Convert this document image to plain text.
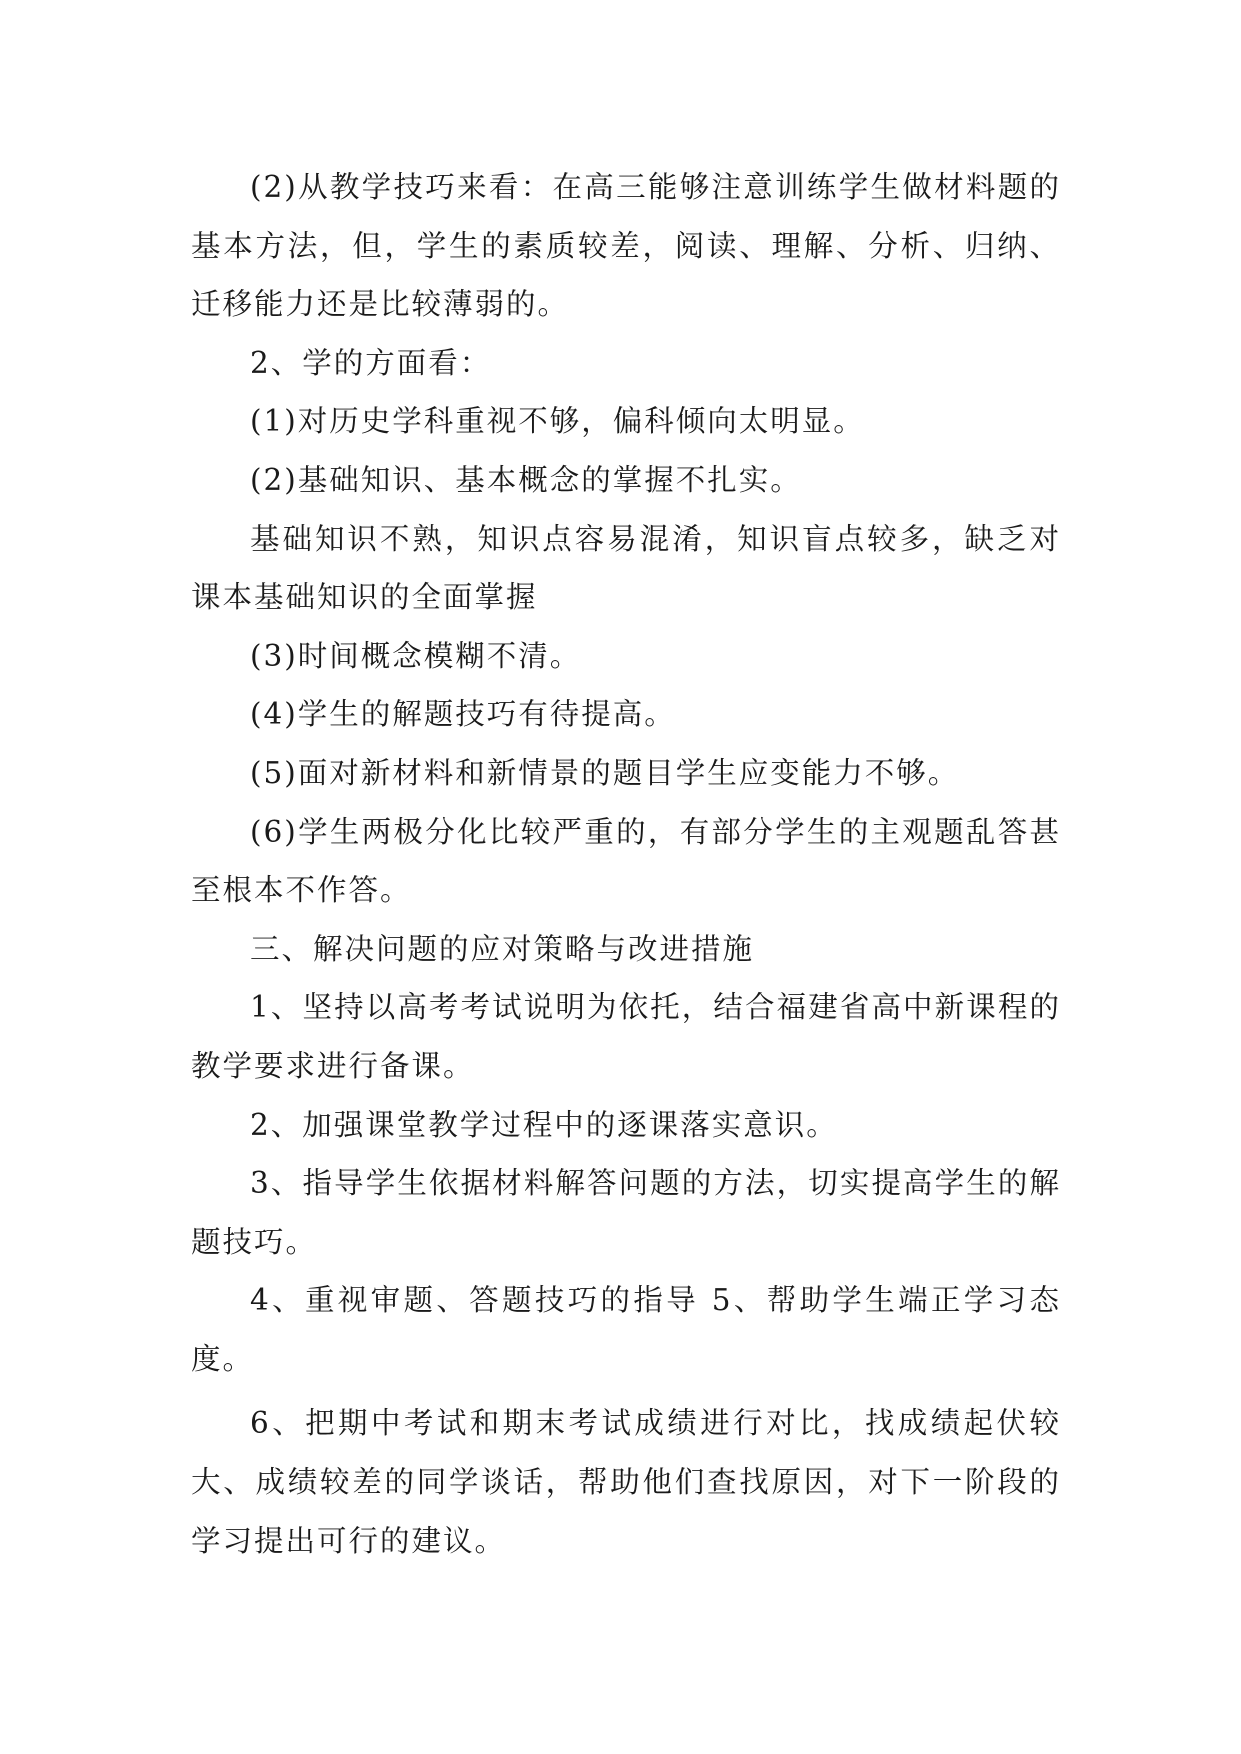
(2)从教学技巧来看：在高三能够注意训练学生做材料题的基本方法，但，学生的素质较差，阅读、理解、分析、归纳、迁移能力还是比较薄弱的。

2、学的方面看：

(1)对历史学科重视不够，偏科倾向太明显。

(2)基础知识、基本概念的掌握不扎实。

基础知识不熟，知识点容易混淆，知识盲点较多，缺乏对课本基础知识的全面掌握

(3)时间概念模糊不清。

(4)学生的解题技巧有待提高。

(5)面对新材料和新情景的题目学生应变能力不够。

(6)学生两极分化比较严重的，有部分学生的主观题乱答甚至根本不作答。

三、解决问题的应对策略与改进措施

1、坚持以高考考试说明为依托，结合福建省高中新课程的教学要求进行备课。

2、加强课堂教学过程中的逐课落实意识。

3、指导学生依据材料解答问题的方法，切实提高学生的解题技巧。

4、重视审题、答题技巧的指导 5、帮助学生端正学习态度。

6、把期中考试和期末考试成绩进行对比，找成绩起伏较大、成绩较差的同学谈话，帮助他们查找原因，对下一阶段的学习提出可行的建议。
